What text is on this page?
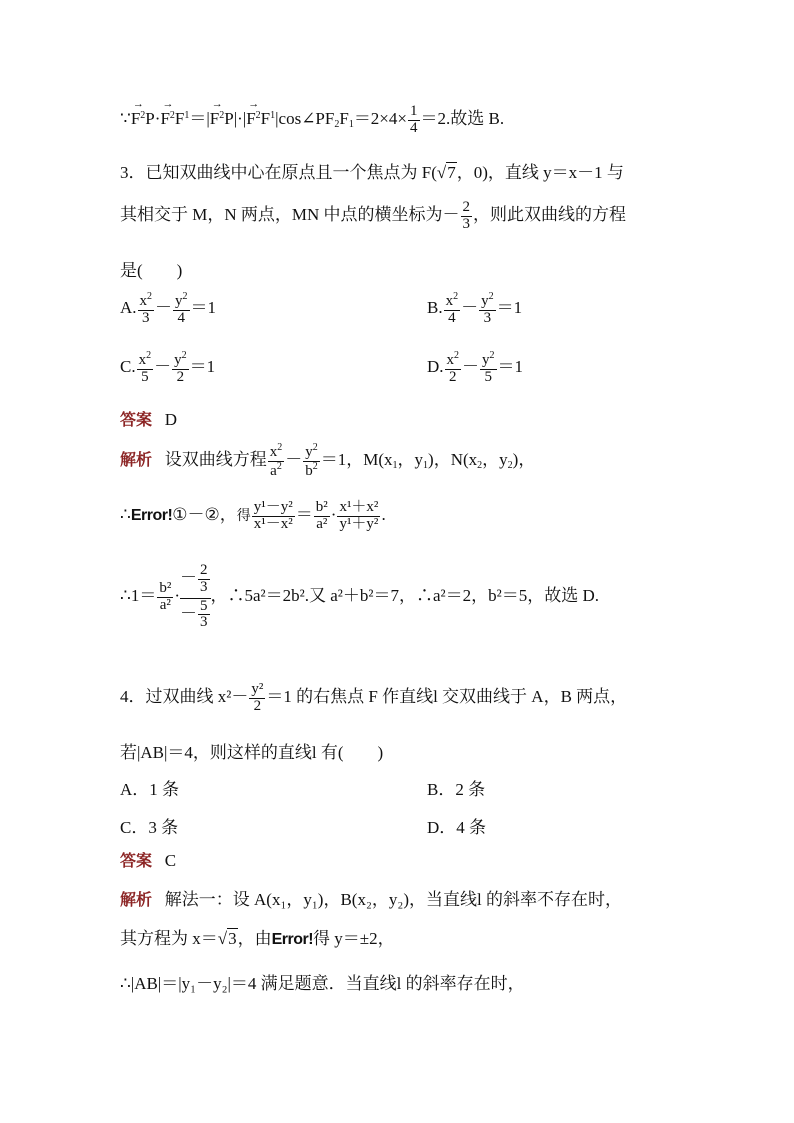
∵→ $F^2P\cdot\to F^2F^1=|\to F^2P|\cdot|\to$ $F^2F^1|\cos\angle PF_2F_1=2\times 4\times \frac{1}{4} =2$.故选 B.
3．已知双曲线中心在原点且一个焦点为 F(√7，0)，直线 y＝x－1 与
其相交于 M，N 两点，MN 中点的横坐标为－ $\frac{2}{3}$ ，则此双曲线的方程
是(　　)
A. $\frac{x^2}{3} - \frac{y^2}{4} =1$	B. $\frac{x^2}{4} - \frac{y^2}{3} =1$
C. $\frac{x^2}{5} - \frac{y^2}{2} =1$	D. $\frac{x^2}{2} - \frac{y^2}{5} =1$
答案 D
解析 设双曲线方程 $\frac{x^2}{a^2} - \frac{y^2}{b^2} =1$，$M(x_1$，$y_1$)，$N(x_2$，$y_2$)，
∴Error!①－②，得 $\frac{\text{y¹－y²}}{\text{x¹－x²}} = \frac{\text{b²}}{\text{a²}} \cdot \frac{\text{x¹＋x²}}{\text{y¹＋y²}}$ .
∴1＝ $\frac{\text{b²}}{\text{a²}} \cdot \frac{- \frac{2}{3}}{- \frac{5}{3}}$ ，∴5a²＝2b².又 a²＋b²＝7，∴a²＝2，b²＝5，故选 D.
4．过双曲线 $x^2- \frac{\text{y²}}{2} =1$ 的右焦点 F 作直线l 交双曲线于 A，B 两点，
若|AB|＝4，则这样的直线l 有(　　)
A．1 条	B．2 条
C．3 条	D．4 条
答案 C
解析 解法一：设 A(x₁，y₁)，B(x₂，y₂)，当直线l 的斜率不存在时，
其方程为 x＝√3，由Error!得 y＝±2，
∴|AB|＝|y₁－y₂|＝4 满足题意．当直线l 的斜率存在时，
